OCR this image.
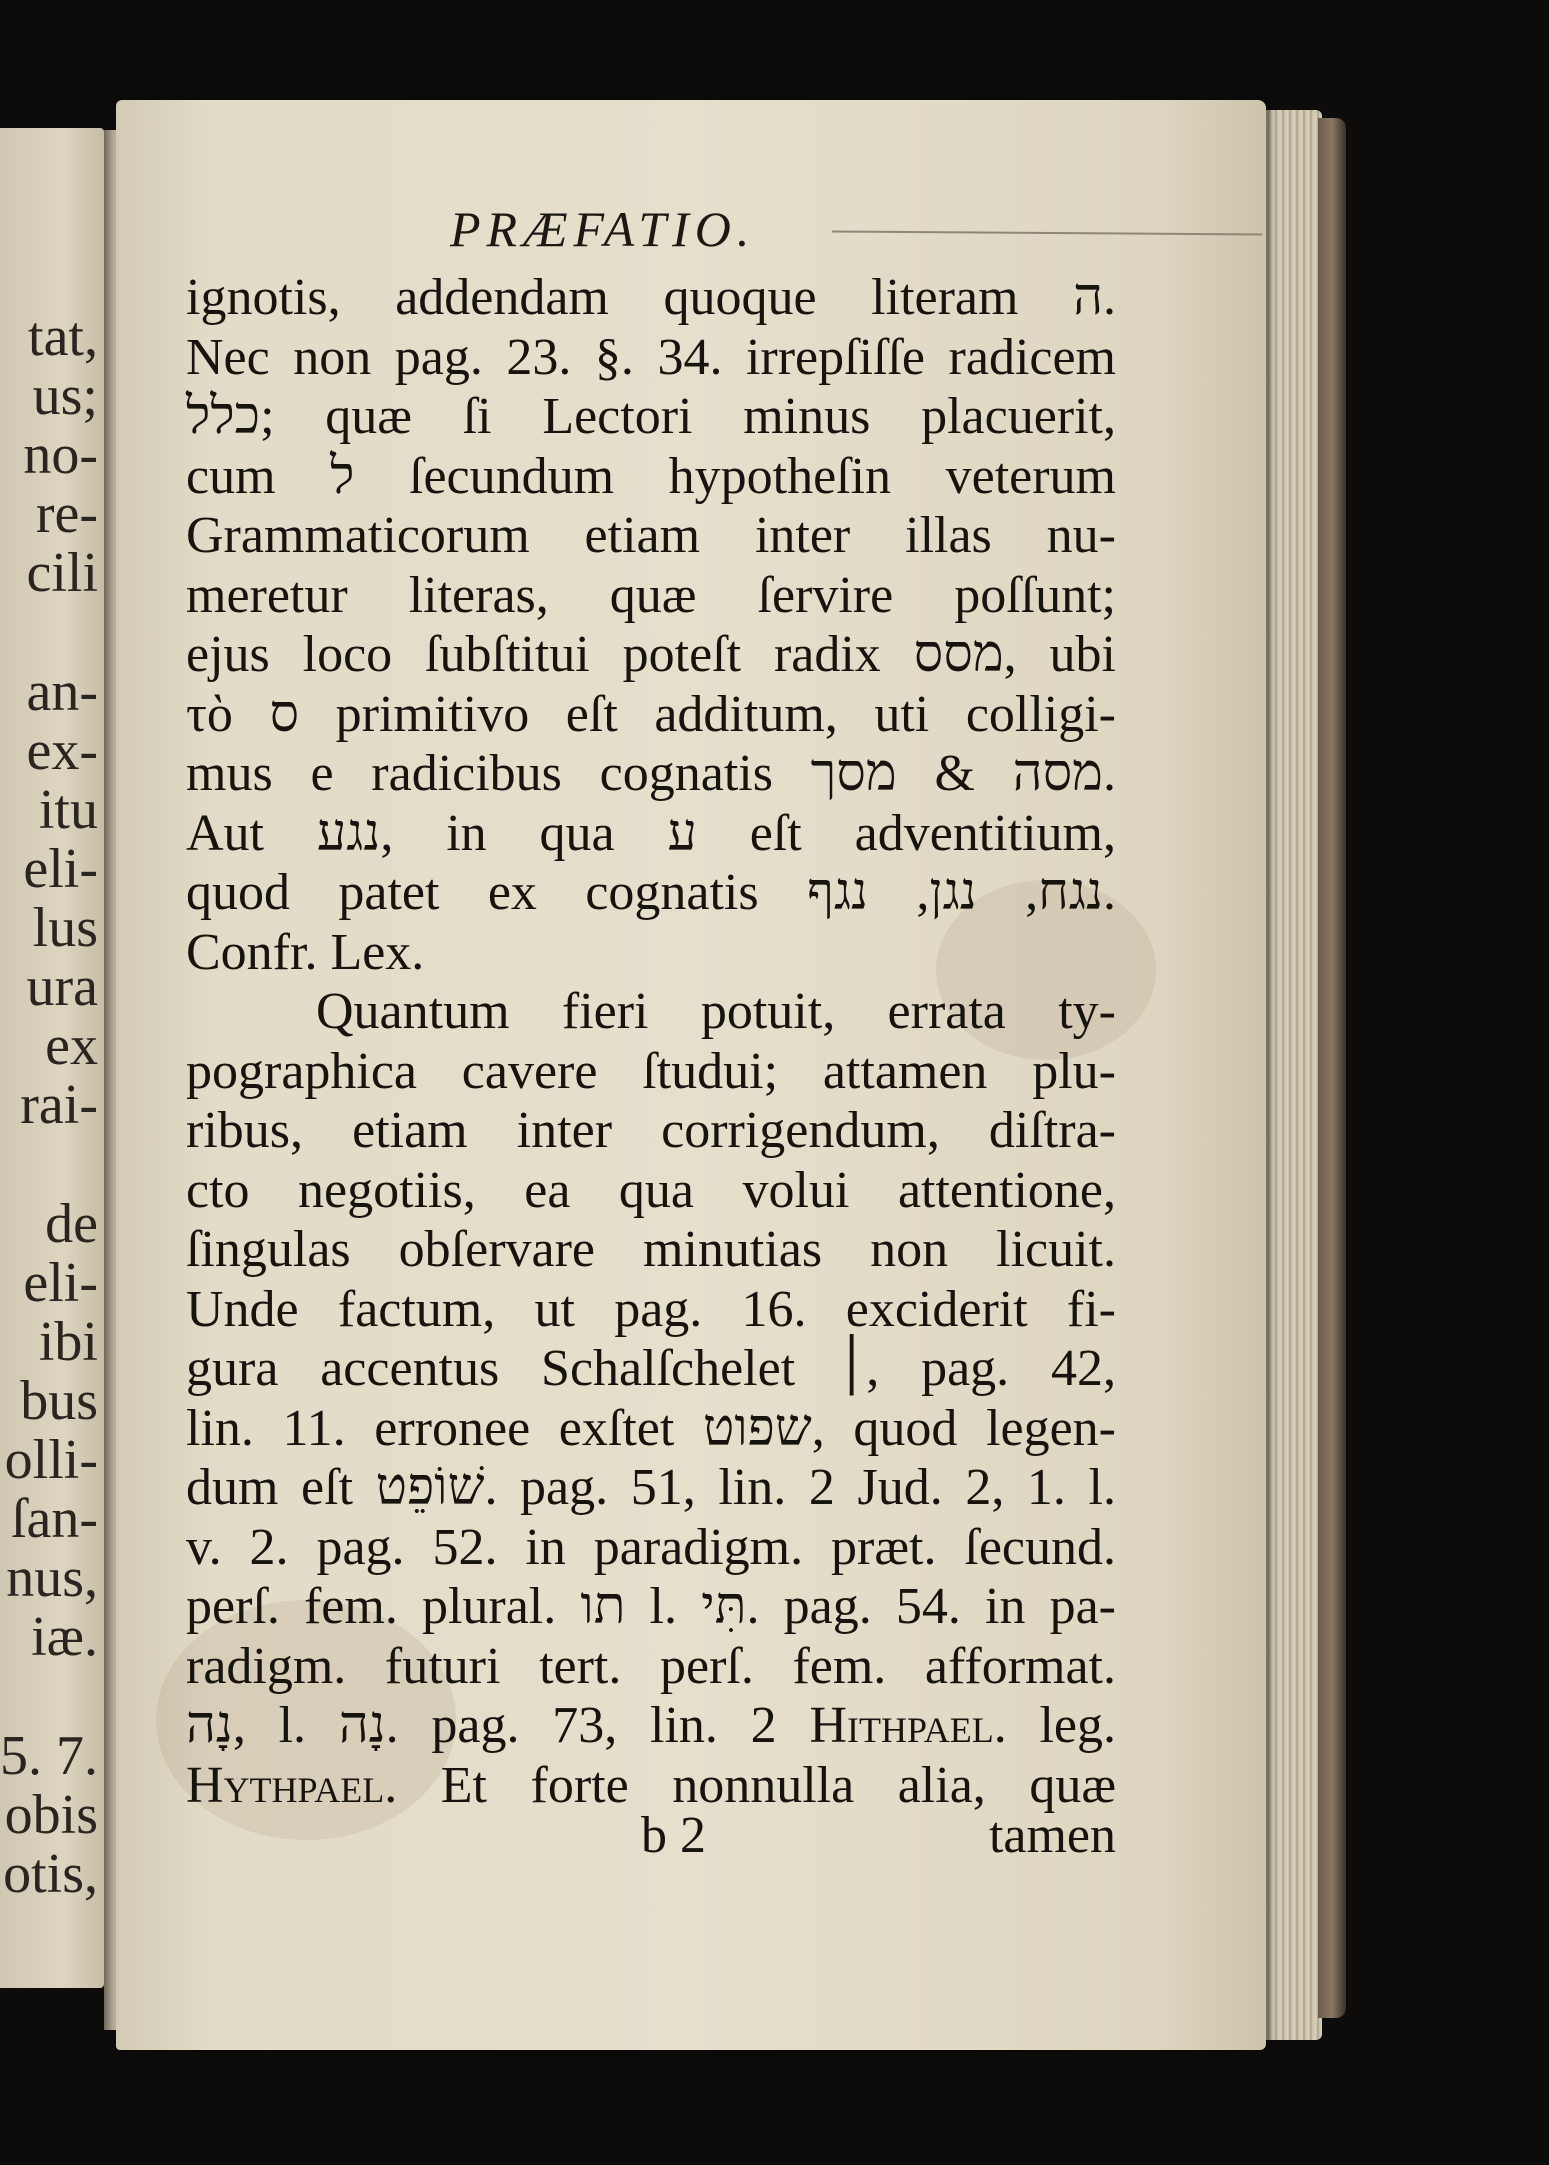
tat,
us;
no-
re-
cili
an-
ex-
itu
eli-
lus
ura
ex
rai-
de
eli-
ibi
bus
olli-
ſan-
nus,
iæ.
5. 7.
obis
otis,
PRÆFATIO.
ignotis, addendam quoque literam ה.
Nec non pag. 23. §. 34. irrepſiſſe radicem
כלל; quæ ſi Lectori minus placuerit,
cum ל ſecundum hypotheſin veterum
Grammaticorum etiam inter illas nu-
meretur literas, quæ ſervire poſſunt;
ejus loco ſubſtitui poteſt radix מסס, ubi
τὸ ס primitivo eſt additum, uti colligi-
mus e radicibus cognatis מסה & מסך.
Aut נגע, in qua ע eſt adventitium,
quod patet ex cognatis נגח, נגן, נגף.
Confr. Lex.
Quantum fieri potuit, errata ty-
pographica cavere ſtudui; attamen plu-
ribus, etiam inter corrigendum, diſtra-
cto negotiis, ea qua volui attentione,
ſingulas obſervare minutias non licuit.
Unde factum, ut pag. 16. exciderit fi-
gura accentus Schalſchelet ׀, pag. 42,
lin. 11. erronee exſtet שפוט, quod legen-
dum eſt שׁוֹפֵט. pag. 51, lin. 2 Jud. 2, 1. l.
v. 2. pag. 52. in paradigm. præt. ſecund.
perſ. fem. plural. תו l. תִּי. pag. 54. in pa-
radigm. futuri tert. perſ. fem. afformat.
נָה, l. נָה. pag. 73, lin. 2 Hithpael. leg.
Hythpael. Et forte nonnulla alia, quæ
b 2	tamen
